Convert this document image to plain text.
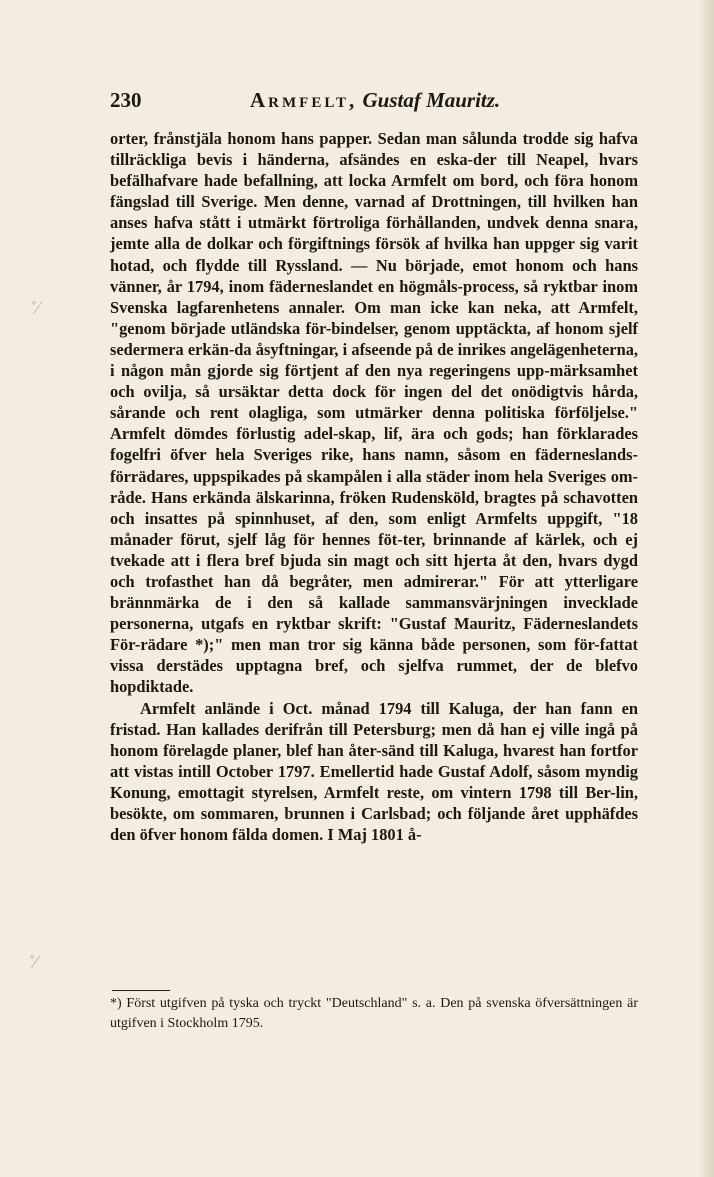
230	Armfelt, Gustaf Mauritz.

orter, frånstjäla honom hans papper. Sedan man sålunda trodde sig hafva tillräckliga bevis i händerna, afsändes en eska-der till Neapel, hvars befälhafvare hade befallning, att locka Armfelt om bord, och föra honom fängslad till Sverige. Men denne, varnad af Drottningen, till hvilken han anses hafva stått i utmärkt förtroliga förhållanden, undvek denna snara, jemte alla de dolkar och förgiftnings försök af hvilka han uppger sig varit hotad, och flydde till Ryssland. — Nu började, emot honom och hans vänner, år 1794, inom fäderneslandet en högmåls-process, så ryktbar inom Svenska lagfarenhetens annaler. Om man icke kan neka, att Armfelt, "genom började utländska för-bindelser, genom upptäckta, af honom sjelf sedermera erkän-da åsyftningar, i afseende på de inrikes angelägenheterna, i någon mån gjorde sig förtjent af den nya regeringens upp-märksamhet och ovilja, så ursäktar detta dock för ingen del det onödigtvis hårda, sårande och rent olagliga, som utmärker denna politiska förföljelse." Armfelt dömdes förlustig adel-skap, lif, ära och gods; han förklarades fogelfri öfver hela Sveriges rike, hans namn, såsom en fäderneslands-förrädares, uppspikades på skampålen i alla städer inom hela Sveriges om-råde. Hans erkända älskarinna, fröken Rudensköld, bragtes på schavotten och insattes på spinnhuset, af den, som enligt Armfelts uppgift, "18 månader förut, sjelf låg för hennes föt-ter, brinnande af kärlek, och ej tvekade att i flera bref bjuda sin magt och sitt hjerta åt den, hvars dygd och trofasthet han då begråter, men admirerar." För att ytterligare brännmärka de i den så kallade sammansvärjningen invecklade personerna, utgafs en ryktbar skrift: "Gustaf Mauritz, Fäderneslandets För-rädare *);" men man tror sig känna både personen, som för-fattat vissa derstädes upptagna bref, och sjelfva rummet, der de blefvo hopdiktade.

Armfelt anlände i Oct. månad 1794 till Kaluga, der han fann en fristad. Han kallades derifrån till Petersburg; men då han ej ville ingå på honom förelagde planer, blef han åter-sänd till Kaluga, hvarest han fortfor att vistas intill October 1797. Emellertid hade Gustaf Adolf, såsom myndig Konung, emottagit styrelsen, Armfelt reste, om vintern 1798 till Ber-lin, besökte, om sommaren, brunnen i Carlsbad; och följande året upphäfdes den öfver honom fälda domen. I Maj 1801 å-

*) Först utgifven på tyska och tryckt "Deutschland" s. a. Den på svenska öfversättningen är utgifven i Stockholm 1795.
˚⁄
˚⁄
